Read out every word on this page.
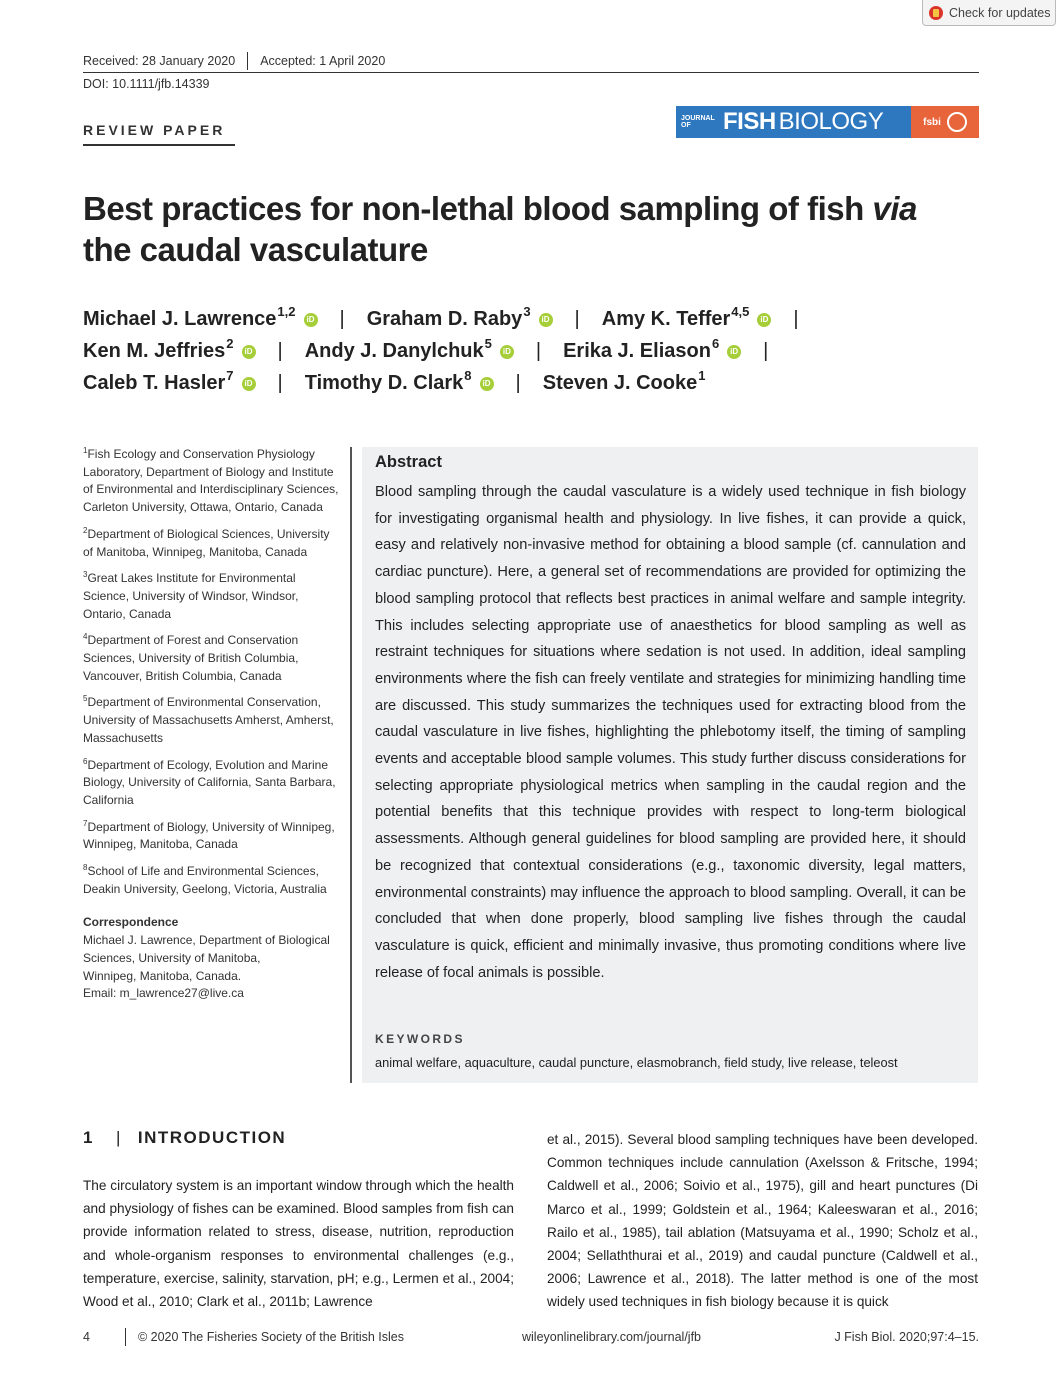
Check for updates
Received: 28 January 2020 Accepted: 1 April 2020
DOI: 10.1111/jfb.14339
REVIEW PAPER
JOURNAL OF	FISH BIOLOGY	fsbi
Best practices for non-lethal blood sampling of fish via the caudal vasculature
Michael J. Lawrence$^{1,2}$	iD | Graham D. Raby$^3$	iD | Amy K. Teffer$^{4,5}$	iD |
Ken M. Jeffries$^2$	iD | Andy J. Danylchuk$^5$	iD | Erika J. Eliason$^6$	iD |
Caleb T. Hasler$^7$	iD | Timothy D. Clark$^8$	iD | Steven J. Cooke$^1$
$^1$Fish Ecology and Conservation Physiology Laboratory, Department of Biology and Institute of Environmental and Interdisciplinary Sciences, Carleton University, Ottawa, Ontario, Canada
$^2$Department of Biological Sciences, University of Manitoba, Winnipeg, Manitoba, Canada
$^3$Great Lakes Institute for Environmental Science, University of Windsor, Windsor, Ontario, Canada
$^4$Department of Forest and Conservation Sciences, University of British Columbia, Vancouver, British Columbia, Canada
$^5$Department of Environmental Conservation, University of Massachusetts Amherst, Amherst, Massachusetts
$^6$Department of Ecology, Evolution and Marine Biology, University of California, Santa Barbara, California
$^7$Department of Biology, University of Winnipeg, Winnipeg, Manitoba, Canada
$^8$School of Life and Environmental Sciences, Deakin University, Geelong, Victoria, Australia
Correspondence
Michael J. Lawrence, Department of Biological Sciences, University of Manitoba,
Winnipeg, Manitoba, Canada.
Email: m_lawrence27@live.ca
Abstract
Blood sampling through the caudal vasculature is a widely used technique in fish biology for investigating organismal health and physiology. In live fishes, it can provide a quick, easy and relatively non-invasive method for obtaining a blood sample (cf. cannulation and cardiac puncture). Here, a general set of recommendations are provided for optimizing the blood sampling protocol that reflects best practices in animal welfare and sample integrity. This includes selecting appropriate use of anaesthetics for blood sampling as well as restraint techniques for situations where sedation is not used. In addition, ideal sampling environments where the fish can freely ventilate and strategies for minimizing handling time are discussed. This study summarizes the techniques used for extracting blood from the caudal vasculature in live fishes, highlighting the phlebotomy itself, the timing of sampling events and acceptable blood sample volumes. This study further discuss considerations for selecting appropriate physiological metrics when sampling in the caudal region and the potential benefits that this technique provides with respect to long-term biological assessments. Although general guidelines for blood sampling are provided here, it should be recognized that contextual considerations (e.g., taxonomic diversity, legal matters, environmental constraints) may influence the approach to blood sampling. Overall, it can be concluded that when done properly, blood sampling live fishes through the caudal vasculature is quick, efficient and minimally invasive, thus promoting conditions where live release of focal animals is possible.
KEYWORDS
animal welfare, aquaculture, caudal puncture, elasmobranch, field study, live release, teleost
1 | INTRODUCTION
The circulatory system is an important window through which the health and physiology of fishes can be examined. Blood samples from fish can provide information related to stress, disease, nutrition, reproduction and whole-organism responses to environmental challenges (e.g., temperature, exercise, salinity, starvation, pH; e.g., Lermen et al., 2004; Wood et al., 2010; Clark et al., 2011b; Lawrence
et al., 2015). Several blood sampling techniques have been developed. Common techniques include cannulation (Axelsson & Fritsche, 1994; Caldwell et al., 2006; Soivio et al., 1975), gill and heart punctures (Di Marco et al., 1999; Goldstein et al., 1964; Kaleeswaran et al., 2016; Railo et al., 1985), tail ablation (Matsuyama et al., 1990; Scholz et al., 2004; Sellaththurai et al., 2019) and caudal puncture (Caldwell et al., 2006; Lawrence et al., 2018). The latter method is one of the most widely used techniques in fish biology because it is quick
4	© 2020 The Fisheries Society of the British Isles	wileyonlinelibrary.com/journal/jfb	J Fish Biol. 2020;97:4–15.
